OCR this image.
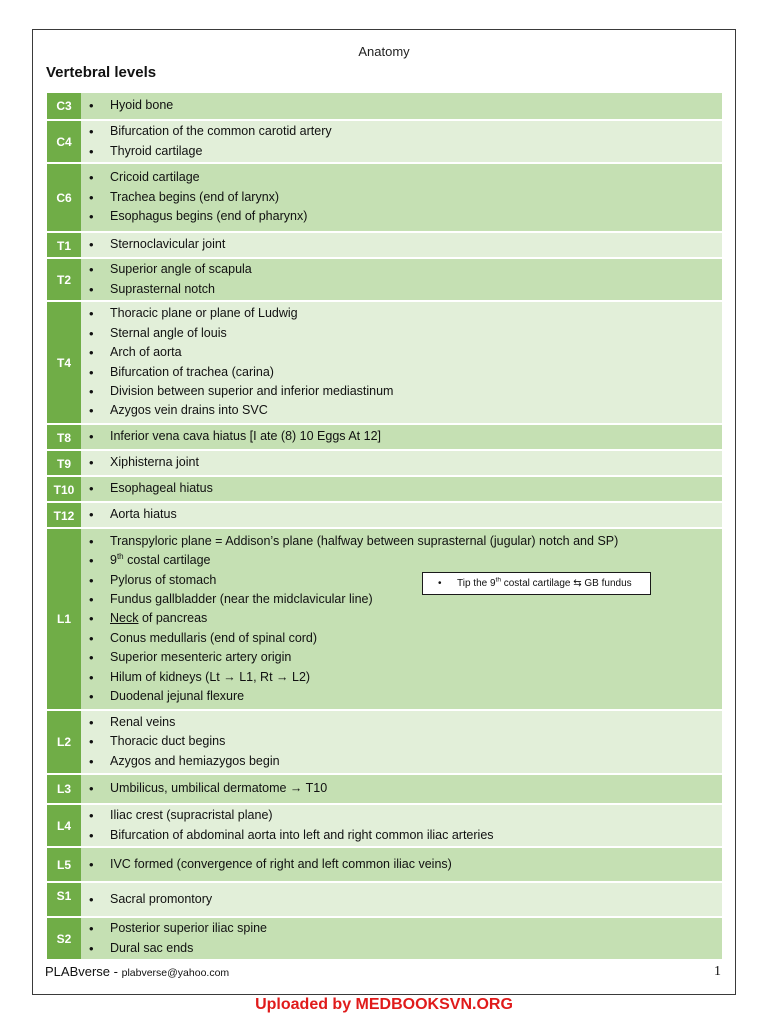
Anatomy
Vertebral levels
C3	• Hyoid bone
C4
• Bifurcation of the common carotid artery
• Thyroid cartilage
C6
• Cricoid cartilage
• Trachea begins (end of larynx)
• Esophagus begins (end of pharynx)
T1	• Sternoclavicular joint
T2
• Superior angle of scapula
• Suprasternal notch
T4
• Thoracic plane or plane of Ludwig
• Sternal angle of louis
• Arch of aorta
• Bifurcation of trachea (carina)
• Division between superior and inferior mediastinum
• Azygos vein drains into SVC
T8	• Inferior vena cava hiatus [I ate (8) 10 Eggs At 12]
T9	• Xiphisterna joint
T10	• Esophageal hiatus
T12	• Aorta hiatus
L1
• Transpyloric plane = Addison’s plane (halfway between suprasternal (jugular) notch and SP)
• 9th costal cartilage
• Pylorus of stomach
• Fundus gallbladder (near the midclavicular line)
• Neck of pancreas
• Conus medullaris (end of spinal cord)
• Superior mesenteric artery origin
• Hilum of kidneys (Lt → L1, Rt → L2)
• Duodenal jejunal flexure
L2
• Renal veins
• Thoracic duct begins
• Azygos and hemiazygos begin
L3	• Umbilicus, umbilical dermatome → T10
L4
• Iliac crest (supracristal plane)
• Bifurcation of abdominal aorta into left and right common iliac arteries
L5	• IVC formed (convergence of right and left common iliac veins)
S1	• Sacral promontory
S2
• Posterior superior iliac spine
• Dural sac ends
• Tip the 9th costal cartilage ⇆ GB fundus
PLABverse - plabverse@yahoo.com	1
Uploaded by MEDBOOKSVN.ORG
